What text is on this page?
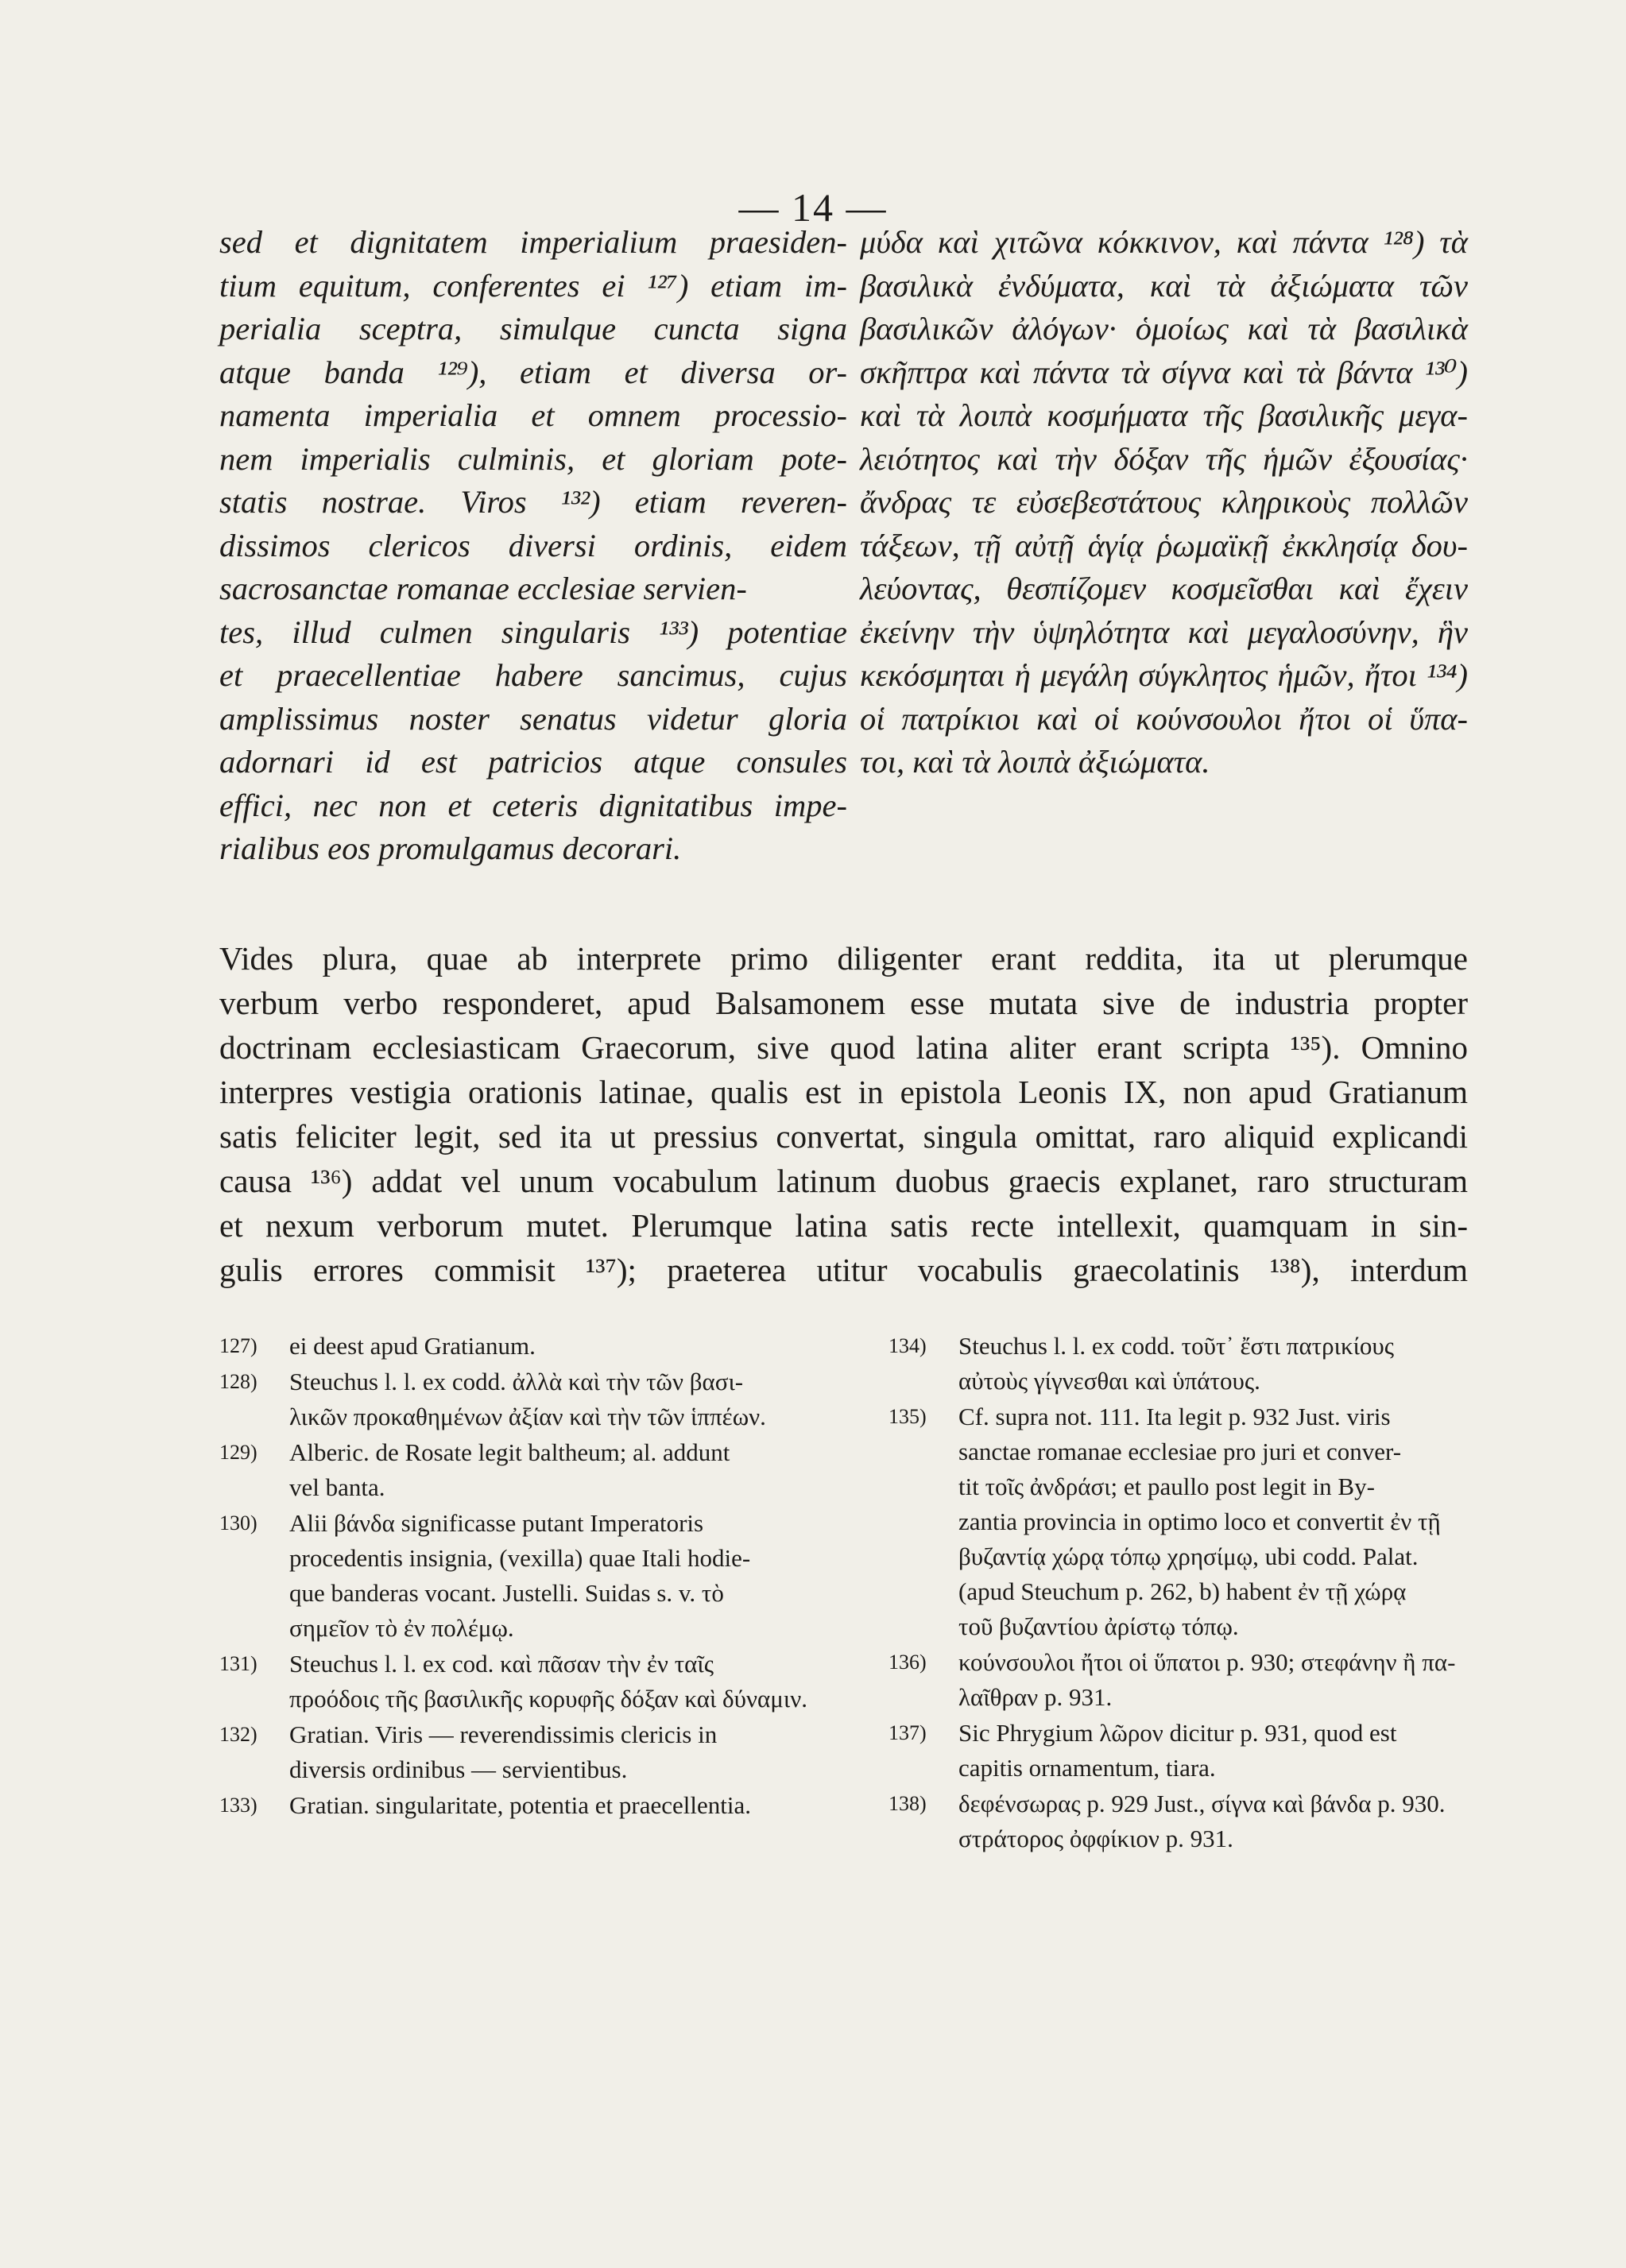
— 14 —
sed et dignitatem imperialium praesiden-
tium equitum, conferentes ei ¹²⁷) etiam im-
perialia sceptra, simulque cuncta signa
atque banda ¹²⁹), etiam et diversa or-
namenta imperialia et omnem processio-
nem imperialis culminis, et gloriam pote-
statis nostrae. Viros ¹³²) etiam reveren-
dissimos clericos diversi ordinis, eidem
sacrosanctae romanae ecclesiae servien-
tes, illud culmen singularis ¹³³) potentiae
et praecellentiae habere sancimus, cujus
amplissimus noster senatus videtur gloria
adornari id est patricios atque consules
effici, nec non et ceteris dignitatibus impe-
rialibus eos promulgamus decorari.
μύδα καὶ χιτῶνα κόκκινον, καὶ πάντα ¹²⁸) τὰ
βασιλικὰ ἐνδύματα, καὶ τὰ ἀξιώματα τῶν
βασιλικῶν ἀλόγων· ὁμοίως καὶ τὰ βασιλικὰ
σκῆπτρα καὶ πάντα τὰ σίγνα καὶ τὰ βάντα ¹³⁰)
καὶ τὰ λοιπὰ κοσμήματα τῆς βασιλικῆς μεγα-
λειότητος καὶ τὴν δόξαν τῆς ἡμῶν ἐξουσίας·
ἄνδρας τε εὐσεβεστάτους κληρικοὺς πολλῶν
τάξεων, τῇ αὐτῇ ἁγίᾳ ῥωμαϊκῇ ἐκκλησίᾳ δου-
λεύοντας, θεσπίζομεν κοσμεῖσθαι καὶ ἔχειν
ἐκείνην τὴν ὑψηλότητα καὶ μεγαλοσύνην, ἣν
κεκόσμηται ἡ μεγάλη σύγκλητος ἡμῶν, ἤτοι ¹³⁴)
οἱ πατρίκιοι καὶ οἱ κούνσουλοι ἤτοι οἱ ὕπα-
τοι, καὶ τὰ λοιπὰ ἀξιώματα.
Vides plura, quae ab interprete primo diligenter erant reddita, ita ut plerumque
verbum verbo responderet, apud Balsamonem esse mutata sive de industria propter
doctrinam ecclesiasticam Graecorum, sive quod latina aliter erant scripta ¹³⁵). Omnino
interpres vestigia orationis latinae, qualis est in epistola Leonis IX, non apud Gratianum
satis feliciter legit, sed ita ut pressius convertat, singula omittat, raro aliquid explicandi
causa ¹³⁶) addat vel unum vocabulum latinum duobus graecis explanet, raro structuram
et nexum verborum mutet. Plerumque latina satis recte intellexit, quamquam in sin-
gulis errores commisit ¹³⁷); praeterea utitur vocabulis graecolatinis ¹³⁸), interdum
127) ei deest apud Gratianum.
128) Steuchus l. l. ex codd. ἀλλὰ καὶ τὴν τῶν βασι-
λικῶν προκαθημένων ἀξίαν καὶ τὴν τῶν ἱππέων.
129) Alberic. de Rosate legit baltheum; al. addunt
vel banta.
130) Alii βάνδα significasse putant Imperatoris
procedentis insignia, (vexilla) quae Itali hodie-
que banderas vocant. Justelli. Suidas s. v. τὸ
σημεῖον τὸ ἐν πολέμῳ.
131) Steuchus l. l. ex cod. καὶ πᾶσαν τὴν ἐν ταῖς
προόδοις τῆς βασιλικῆς κορυφῆς δόξαν καὶ δύναμιν.
132) Gratian. Viris — reverendissimis clericis in
diversis ordinibus — servientibus.
133) Gratian. singularitate, potentia et praecellentia.
134) Steuchus l. l. ex codd. τοῦτ᾽ ἔστι πατρικίους
αὐτοὺς γίγνεσθαι καὶ ὑπάτους.
135) Cf. supra not. 111. Ita legit p. 932 Just. viris
sanctae romanae ecclesiae pro juri et conver-
tit τοῖς ἀνδράσι; et paullo post legit in By-
zantia provincia in optimo loco et convertit ἐν τῇ
βυζαντίᾳ χώρᾳ τόπῳ χρησίμῳ, ubi codd. Palat.
(apud Steuchum p. 262, b) habent ἐν τῇ χώρᾳ
τοῦ βυζαντίου ἀρίστῳ τόπῳ.
136) κούνσουλοι ἤτοι οἱ ὕπατοι p. 930; στεφάνην ἢ πα-
λαῖθραν p. 931.
137) Sic Phrygium λῶρον dicitur p. 931, quod est
capitis ornamentum, tiara.
138) δεφένσωρας p. 929 Just., σίγνα καὶ βάνδα p. 930.
στράτορος ὀφφίκιον p. 931.
